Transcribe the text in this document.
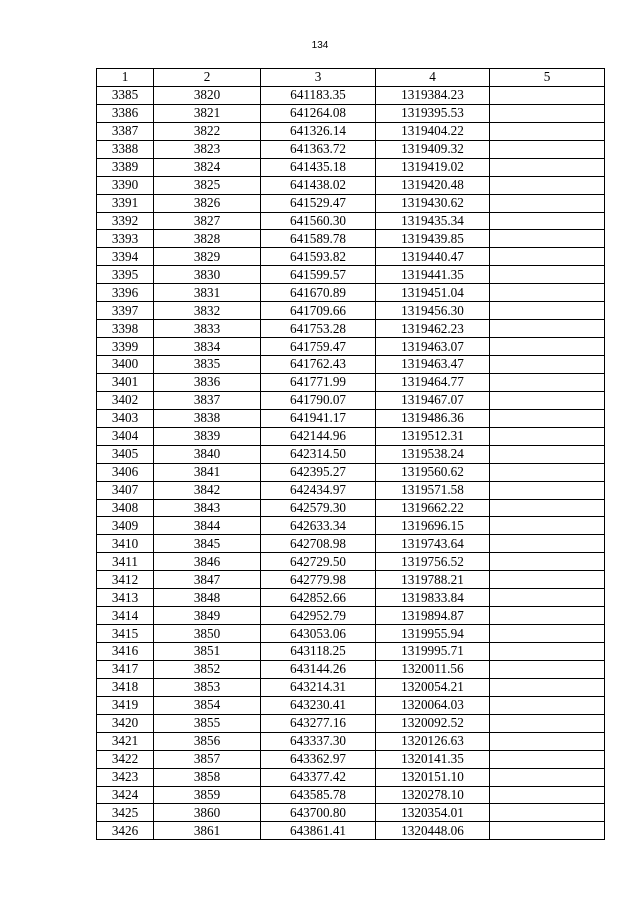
134
1	2	3	4	5
3385	3820	641183.35	1319384.23	
3386	3821	641264.08	1319395.53	
3387	3822	641326.14	1319404.22	
3388	3823	641363.72	1319409.32	
3389	3824	641435.18	1319419.02	
3390	3825	641438.02	1319420.48	
3391	3826	641529.47	1319430.62	
3392	3827	641560.30	1319435.34	
3393	3828	641589.78	1319439.85	
3394	3829	641593.82	1319440.47	
3395	3830	641599.57	1319441.35	
3396	3831	641670.89	1319451.04	
3397	3832	641709.66	1319456.30	
3398	3833	641753.28	1319462.23	
3399	3834	641759.47	1319463.07	
3400	3835	641762.43	1319463.47	
3401	3836	641771.99	1319464.77	
3402	3837	641790.07	1319467.07	
3403	3838	641941.17	1319486.36	
3404	3839	642144.96	1319512.31	
3405	3840	642314.50	1319538.24	
3406	3841	642395.27	1319560.62	
3407	3842	642434.97	1319571.58	
3408	3843	642579.30	1319662.22	
3409	3844	642633.34	1319696.15	
3410	3845	642708.98	1319743.64	
3411	3846	642729.50	1319756.52	
3412	3847	642779.98	1319788.21	
3413	3848	642852.66	1319833.84	
3414	3849	642952.79	1319894.87	
3415	3850	643053.06	1319955.94	
3416	3851	643118.25	1319995.71	
3417	3852	643144.26	1320011.56	
3418	3853	643214.31	1320054.21	
3419	3854	643230.41	1320064.03	
3420	3855	643277.16	1320092.52	
3421	3856	643337.30	1320126.63	
3422	3857	643362.97	1320141.35	
3423	3858	643377.42	1320151.10	
3424	3859	643585.78	1320278.10	
3425	3860	643700.80	1320354.01	
3426	3861	643861.41	1320448.06	
